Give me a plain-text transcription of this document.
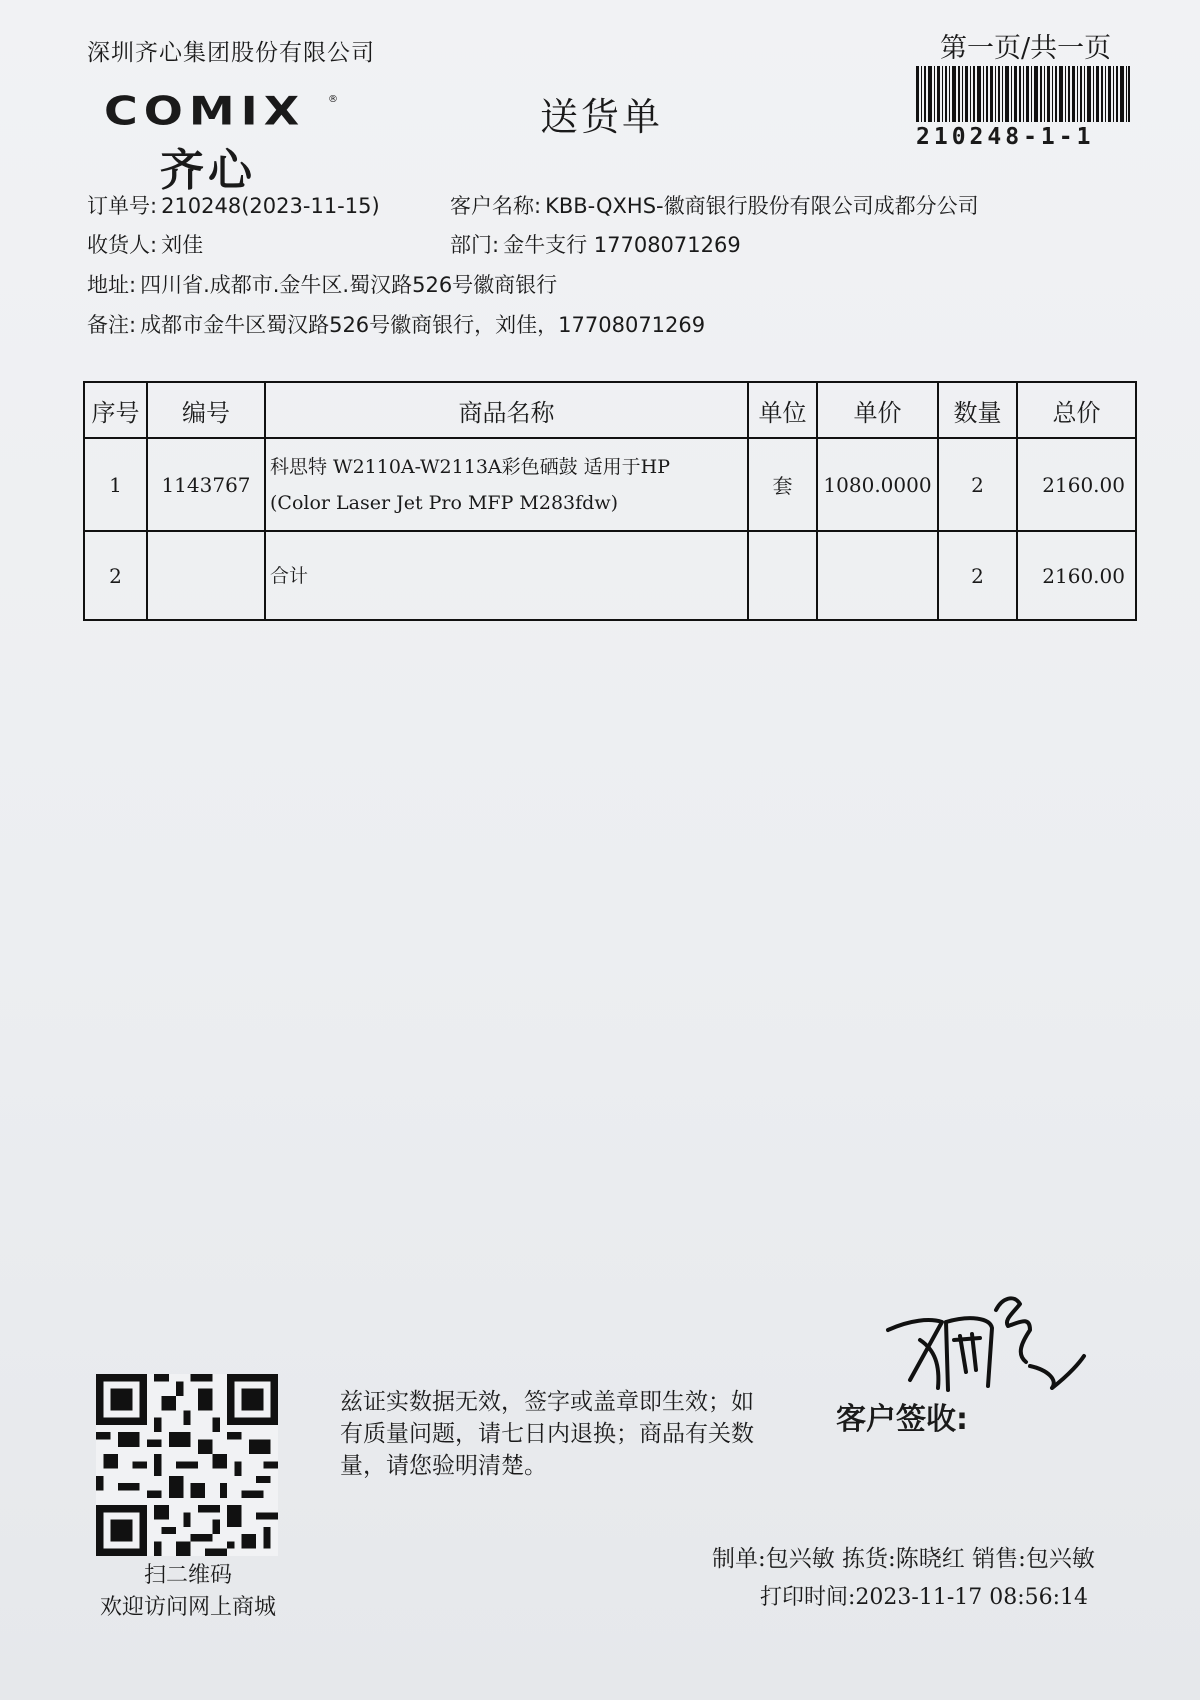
深圳齐心集团股份有限公司
COMIX ®
齐心
送货单
第一页/共一页
210248-1-1
订单号: 210248(2023-11-15)	客户名称: KBB-QXHS-徽商银行股份有限公司成都分公司
收货人: 刘佳	部门: 金牛支行 17708071269
地址: 四川省.成都市.金牛区.蜀汉路526号徽商银行
备注: 成都市金牛区蜀汉路526号徽商银行，刘佳，17708071269
序号	编号	商品名称	单位	单价	数量	总价
1	1143767	科思特 W2110A-W2113A彩色硒鼓 适用于HP
(Color Laser Jet Pro MFP M283fdw)	套	1080.0000	2	2160.00
2		合计			2	2160.00
扫二维码
欢迎访问网上商城
兹证实数据无效，签字或盖章即生效；如有质量问题，请七日内退换；商品有关数量，请您验明清楚。
客户签收:
制单:包兴敏 拣货:陈晓红 销售:包兴敏
打印时间:2023-11-17 08:56:14
